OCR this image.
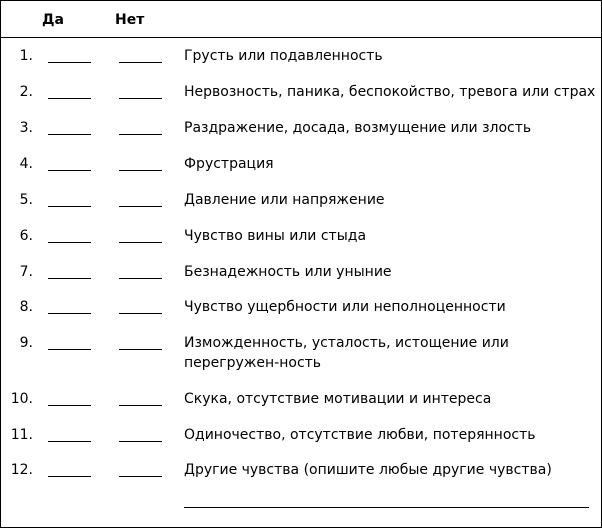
Да	Нет
1.	Грусть или подавленность
2.	Нервозность, паника, беспокойство, тревога или страх
3.	Раздражение, досада, возмущение или злость
4.	Фрустрация
5.	Давление или напряжение
6.	Чувство вины или стыда
7.	Безнадежность или уныние
8.	Чувство ущербности или неполноценности
9.	Изможденность, усталость, истощение или перегружен-ность
10.	Скука, отсутствие мотивации и интереса
11.	Одиночество, отсутствие любви, потерянность
12.	Другие чувства (опишите любые другие чувства)
